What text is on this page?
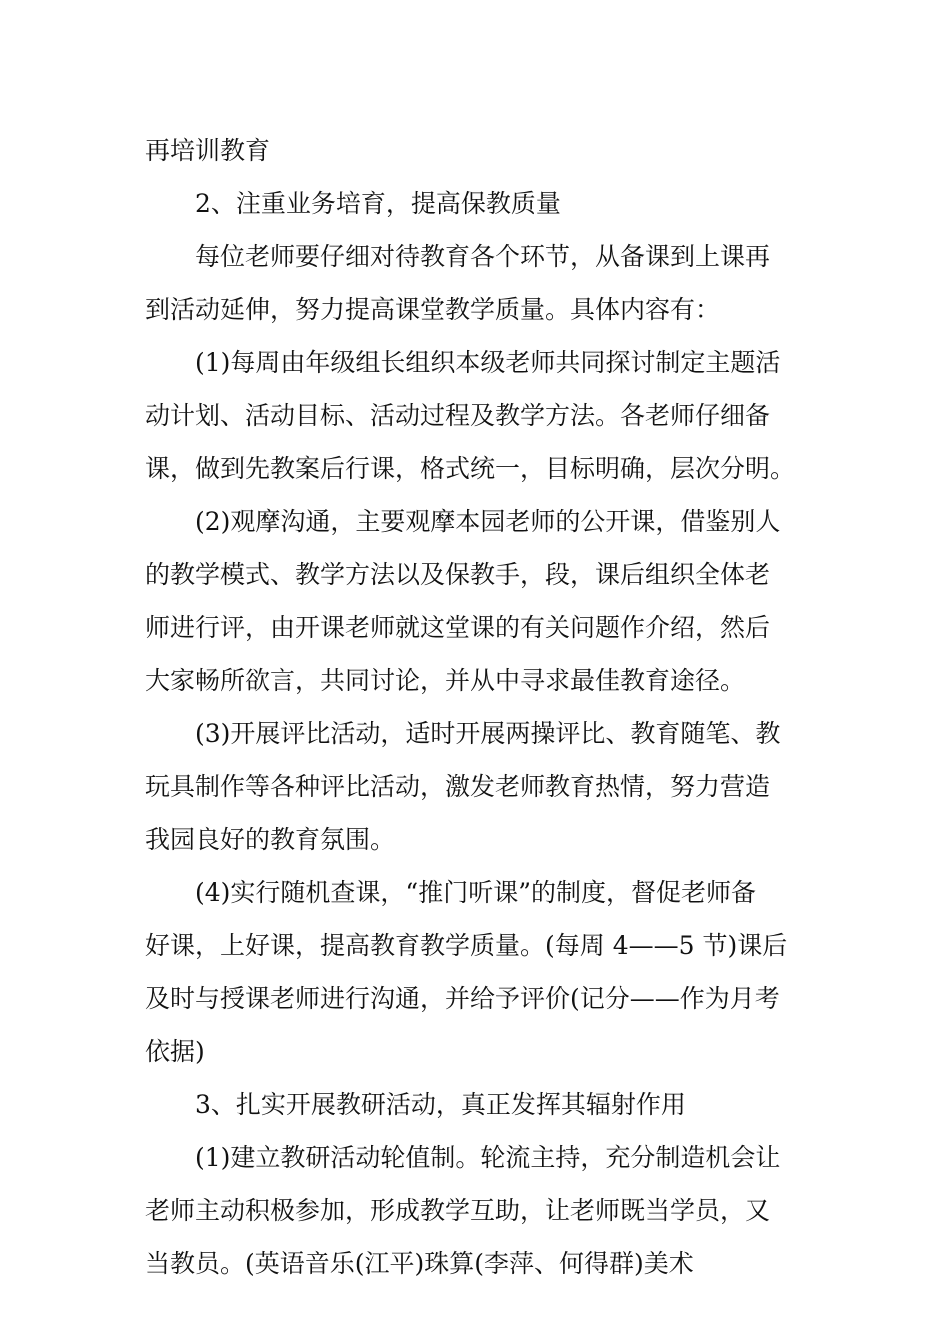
再培训教育
2、注重业务培育，提高保教质量
每位老师要仔细对待教育各个环节，从备课到上课再
到活动延伸，努力提高课堂教学质量。具体内容有：
(1)每周由年级组长组织本级老师共同探讨制定主题活
动计划、活动目标、活动过程及教学方法。各老师仔细备
课，做到先教案后行课，格式统一，目标明确，层次分明。
(2)观摩沟通，主要观摩本园老师的公开课，借鉴别人
的教学模式、教学方法以及保教手，段，课后组织全体老
师进行评，由开课老师就这堂课的有关问题作介绍，然后
大家畅所欲言，共同讨论，并从中寻求最佳教育途径。
(3)开展评比活动，适时开展两操评比、教育随笔、教
玩具制作等各种评比活动，激发老师教育热情，努力营造
我园良好的教育氛围。
(4)实行随机查课，“推门听课”的制度，督促老师备
好课，上好课，提高教育教学质量。(每周 4——5 节)课后
及时与授课老师进行沟通，并给予评价(记分——作为月考
依据)
3、扎实开展教研活动，真正发挥其辐射作用
(1)建立教研活动轮值制。轮流主持，充分制造机会让
老师主动积极参加，形成教学互助，让老师既当学员，又
当教员。(英语音乐(江平)珠算(李萍、何得群)美术
